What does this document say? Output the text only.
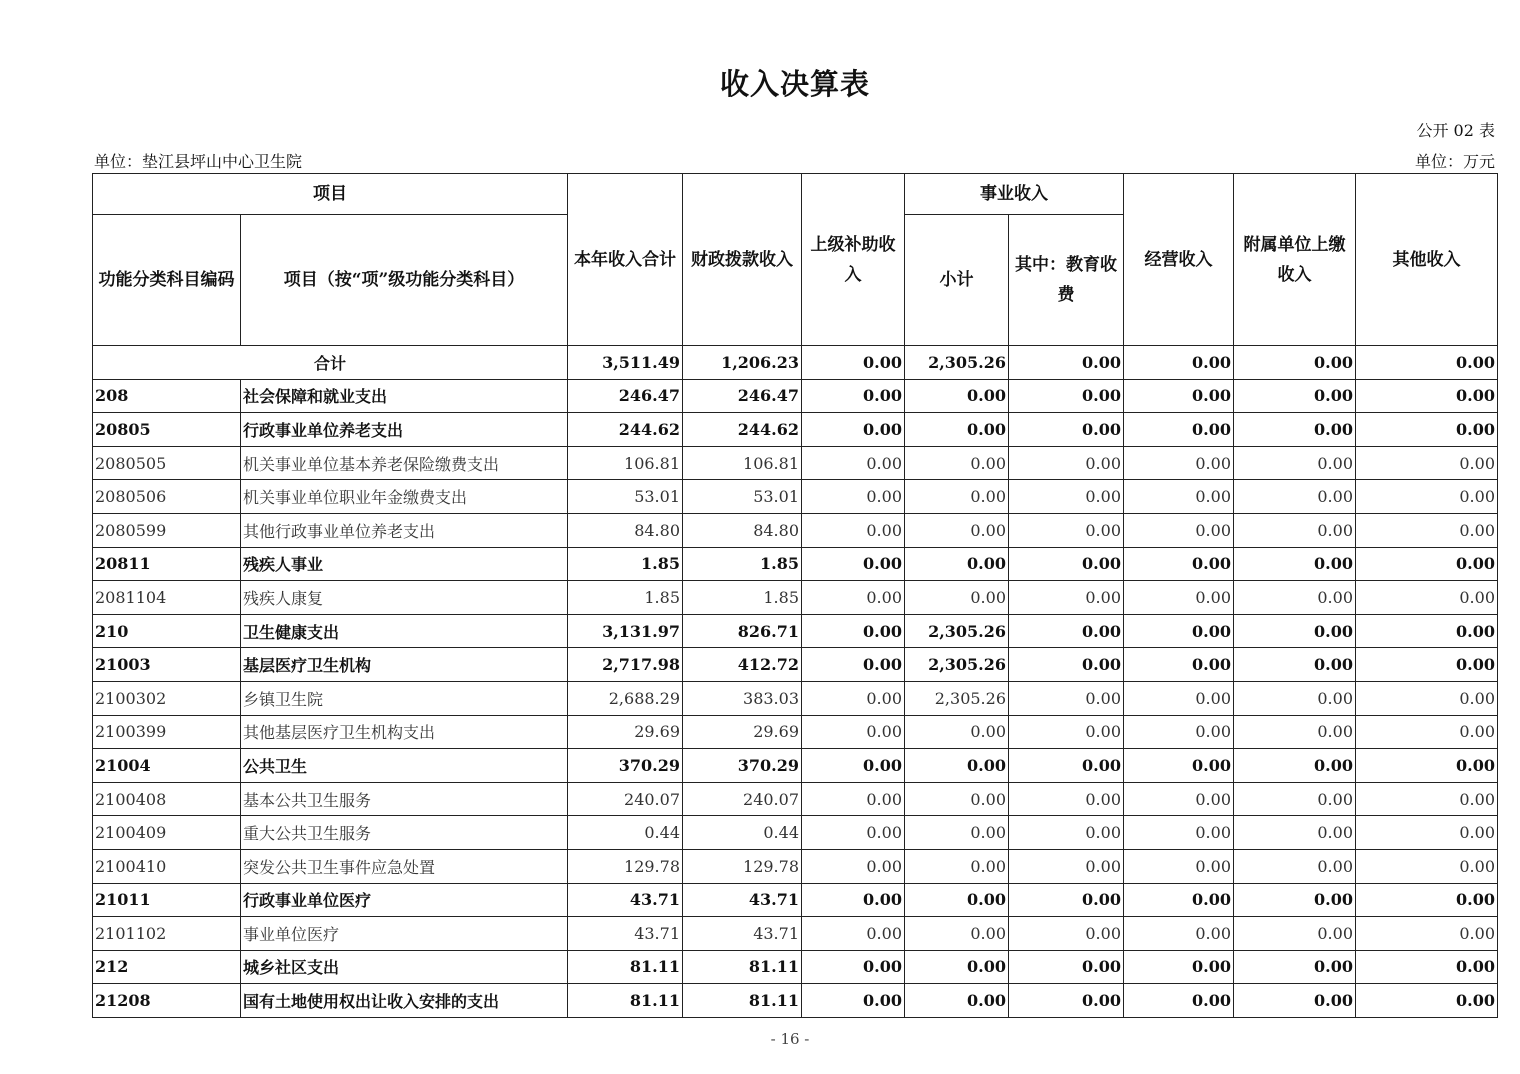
收入决算表
公开 02 表
单位：垫江县坪山中心卫生院	单位：万元
项目		本年收入合计	财政拨款收入	上级补助收入	事业收入		经营收入	附属单位上缴收入	其他收入
功能分类科目编码	项目（按“项”级功能分类科目）				小计	其中：教育收费			
合计		3,511.49	1,206.23	0.00	2,305.26	0.00	0.00	0.00	0.00
208	社会保障和就业支出	246.47	246.47	0.00	0.00	0.00	0.00	0.00	0.00
20805	行政事业单位养老支出	244.62	244.62	0.00	0.00	0.00	0.00	0.00	0.00
2080505	机关事业单位基本养老保险缴费支出	106.81	106.81	0.00	0.00	0.00	0.00	0.00	0.00
2080506	机关事业单位职业年金缴费支出	53.01	53.01	0.00	0.00	0.00	0.00	0.00	0.00
2080599	其他行政事业单位养老支出	84.80	84.80	0.00	0.00	0.00	0.00	0.00	0.00
20811	残疾人事业	1.85	1.85	0.00	0.00	0.00	0.00	0.00	0.00
2081104	残疾人康复	1.85	1.85	0.00	0.00	0.00	0.00	0.00	0.00
210	卫生健康支出	3,131.97	826.71	0.00	2,305.26	0.00	0.00	0.00	0.00
21003	基层医疗卫生机构	2,717.98	412.72	0.00	2,305.26	0.00	0.00	0.00	0.00
2100302	乡镇卫生院	2,688.29	383.03	0.00	2,305.26	0.00	0.00	0.00	0.00
2100399	其他基层医疗卫生机构支出	29.69	29.69	0.00	0.00	0.00	0.00	0.00	0.00
21004	公共卫生	370.29	370.29	0.00	0.00	0.00	0.00	0.00	0.00
2100408	基本公共卫生服务	240.07	240.07	0.00	0.00	0.00	0.00	0.00	0.00
2100409	重大公共卫生服务	0.44	0.44	0.00	0.00	0.00	0.00	0.00	0.00
2100410	突发公共卫生事件应急处置	129.78	129.78	0.00	0.00	0.00	0.00	0.00	0.00
21011	行政事业单位医疗	43.71	43.71	0.00	0.00	0.00	0.00	0.00	0.00
2101102	事业单位医疗	43.71	43.71	0.00	0.00	0.00	0.00	0.00	0.00
212	城乡社区支出	81.11	81.11	0.00	0.00	0.00	0.00	0.00	0.00
21208	国有土地使用权出让收入安排的支出	81.11	81.11	0.00	0.00	0.00	0.00	0.00	0.00
- 16 -
